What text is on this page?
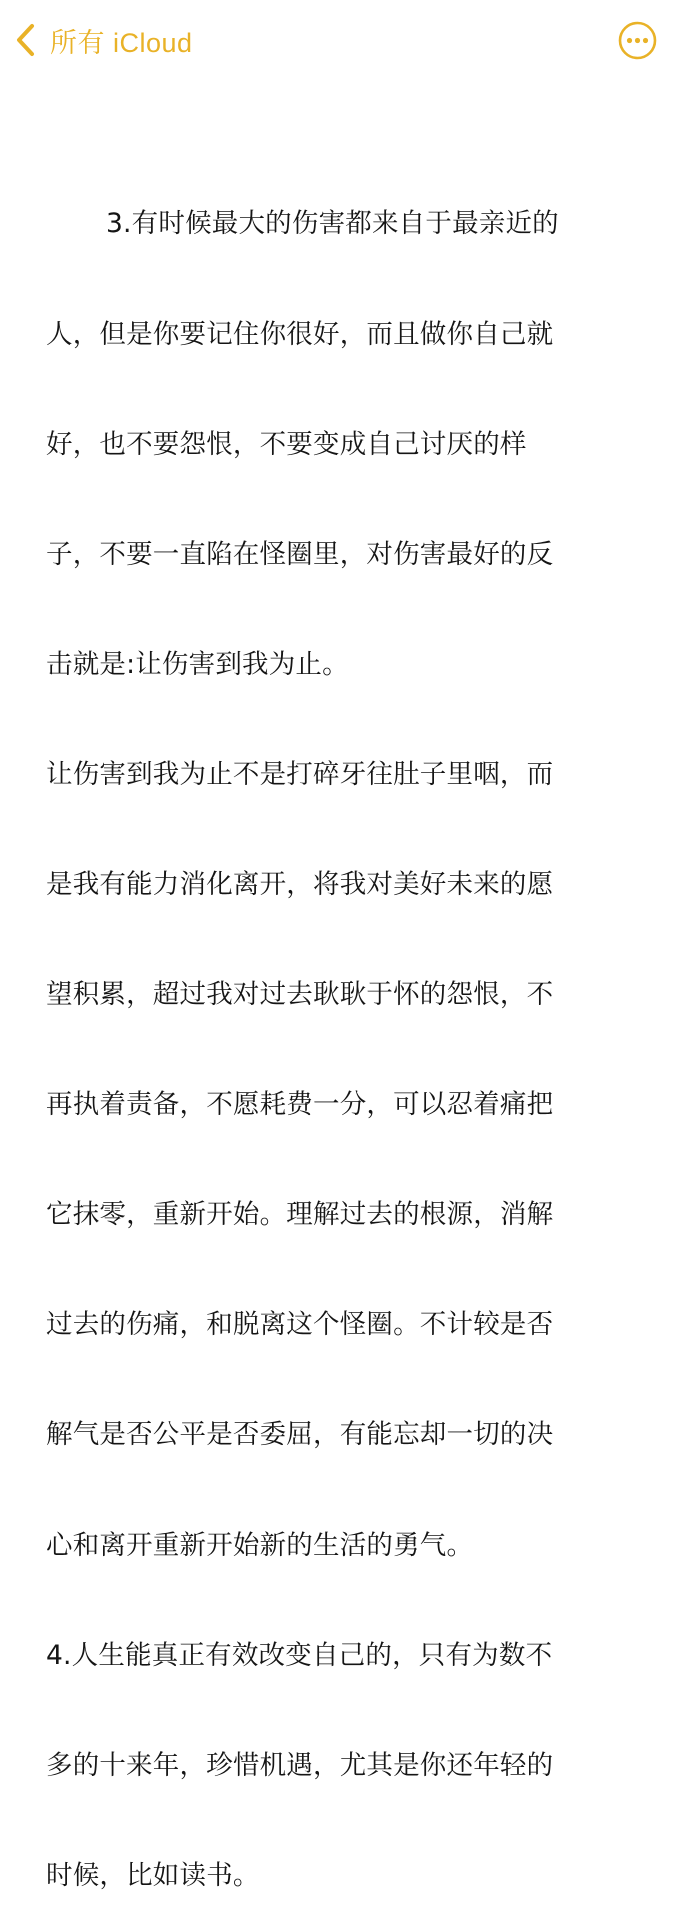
所有 iCloud

3.有时候最大的伤害都来自于最亲近的

人，但是你要记住你很好，而且做你自己就

好，也不要怨恨，不要变成自己讨厌的样

子，不要一直陷在怪圈里，对伤害最好的反

击就是:让伤害到我为止。

让伤害到我为止不是打碎牙往肚子里咽，而

是我有能力消化离开，将我对美好未来的愿

望积累，超过我对过去耿耿于怀的怨恨，不

再执着责备，不愿耗费一分，可以忍着痛把

它抹零，重新开始。理解过去的根源，消解

过去的伤痛，和脱离这个怪圈。不计较是否

解气是否公平是否委屈，有能忘却一切的决

心和离开重新开始新的生活的勇气。

4.人生能真正有效改变自己的，只有为数不

多的十来年，珍惜机遇，尤其是你还年轻的

时候，比如读书。
